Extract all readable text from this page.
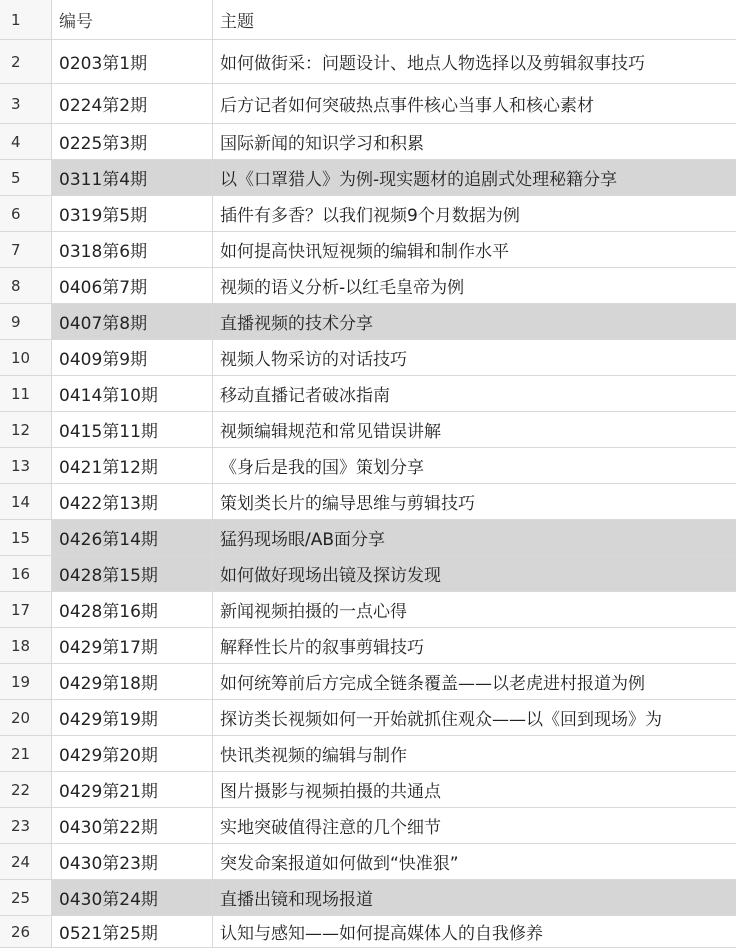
1	编号	主题
2	0203第1期	如何做街采：问题设计、地点人物选择以及剪辑叙事技巧
3	0224第2期	后方记者如何突破热点事件核心当事人和核心素材
4	0225第3期	国际新闻的知识学习和积累
5	0311第4期	以《口罩猎人》为例-现实题材的追剧式处理秘籍分享
6	0319第5期	插件有多香？以我们视频9个月数据为例
7	0318第6期	如何提高快讯短视频的编辑和制作水平
8	0406第7期	视频的语义分析-以红毛皇帝为例
9	0407第8期	直播视频的技术分享
10	0409第9期	视频人物采访的对话技巧
11	0414第10期	移动直播记者破冰指南
12	0415第11期	视频编辑规范和常见错误讲解
13	0421第12期	《身后是我的国》策划分享
14	0422第13期	策划类长片的编导思维与剪辑技巧
15	0426第14期	猛犸现场眼/AB面分享
16	0428第15期	如何做好现场出镜及探访发现
17	0428第16期	新闻视频拍摄的一点心得
18	0429第17期	解释性长片的叙事剪辑技巧
19	0429第18期	如何统筹前后方完成全链条覆盖——以老虎进村报道为例
20	0429第19期	探访类长视频如何一开始就抓住观众——以《回到现场》为
21	0429第20期	快讯类视频的编辑与制作
22	0429第21期	图片摄影与视频拍摄的共通点
23	0430第22期	实地突破值得注意的几个细节
24	0430第23期	突发命案报道如何做到“快准狠”
25	0430第24期	直播出镜和现场报道
26	0521第25期	认知与感知——如何提高媒体人的自我修养
